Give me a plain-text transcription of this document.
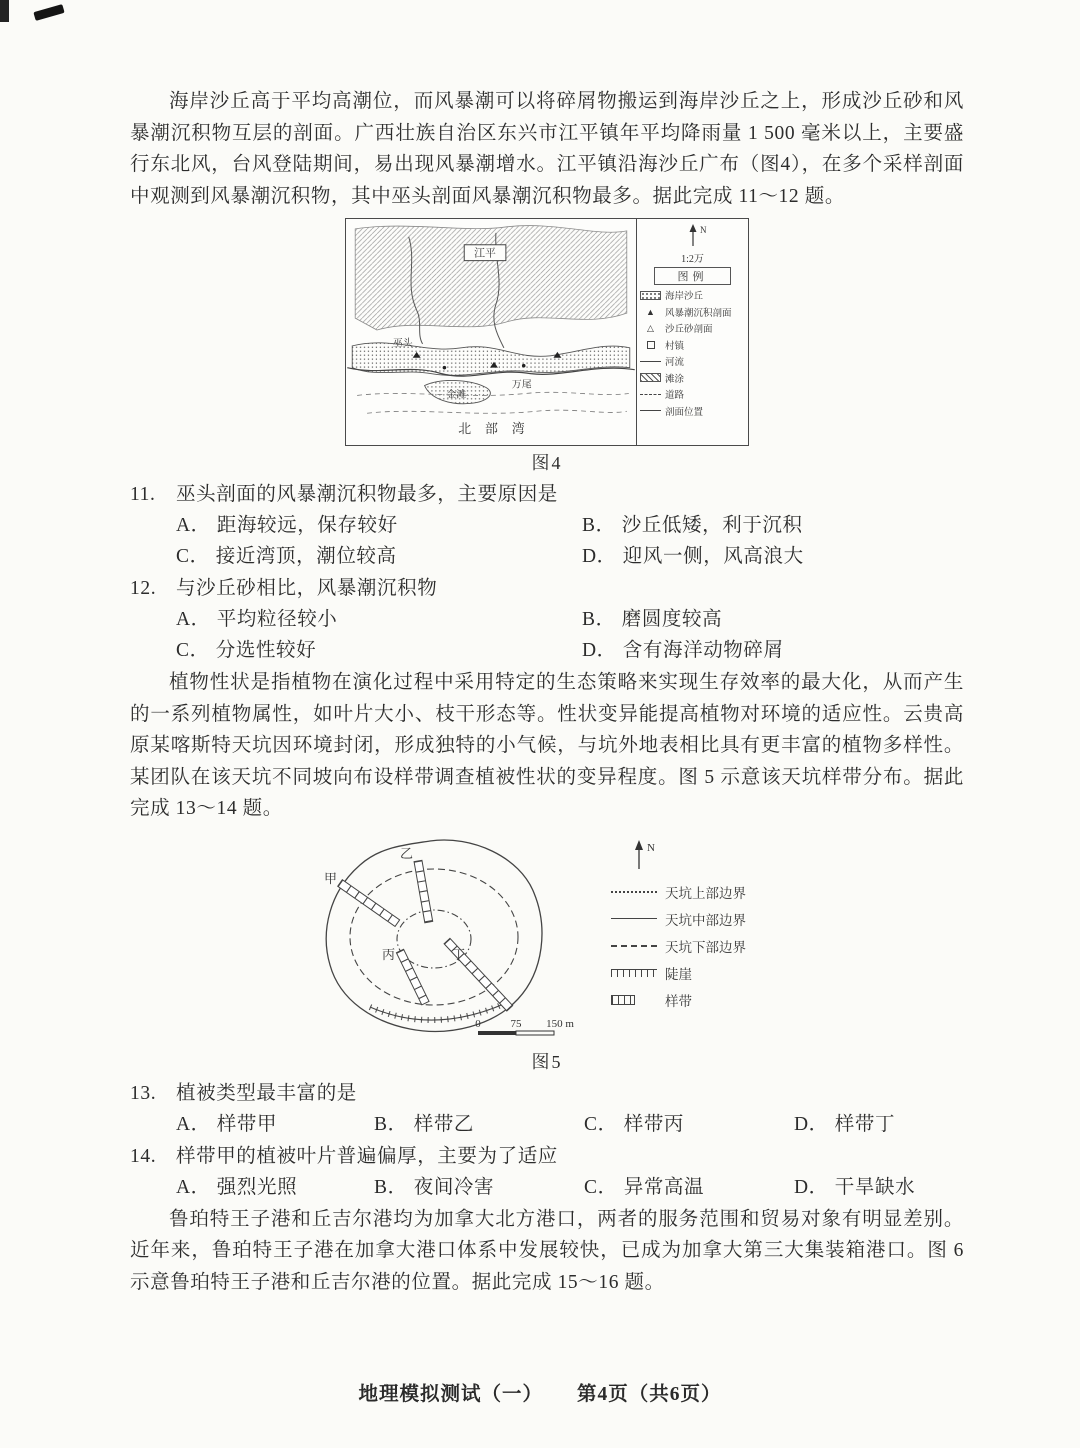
海岸沙丘高于平均高潮位，而风暴潮可以将碎屑物搬运到海岸沙丘之上，形成沙丘砂和风暴潮沉积物互层的剖面。广西壮族自治区东兴市江平镇年平均降雨量 1 500 毫米以上，主要盛行东北风，台风登陆期间，易出现风暴潮增水。江平镇沿海沙丘广布（图4），在多个采样剖面中观测到风暴潮沉积物，其中巫头剖面风暴潮沉积物最多。据此完成 11～12 题。

江平
巫头
万尾
金滩
北部湾
N
1:2万
图例
海岸沙丘
▲	风暴潮沉积剖面
△	沙丘砂剖面
村镇
河流
滩涂
道路
剖面位置
图4
11.	巫头剖面的风暴潮沉积物最多，主要原因是
A． 距海较远，保存较好	B． 沙丘低矮，利于沉积
C． 接近湾顶，潮位较高	D． 迎风一侧，风高浪大
12.	与沙丘砂相比，风暴潮沉积物
A． 平均粒径较小	B． 磨圆度较高
C． 分选性较好	D． 含有海洋动物碎屑

植物性状是指植物在演化过程中采用特定的生态策略来实现生存效率的最大化，从而产生的一系列植物属性，如叶片大小、枝干形态等。性状变异能提高植物对环境的适应性。云贵高原某喀斯特天坑因环境封闭，形成独特的小气候，与坑外地表相比具有更丰富的植物多样性。某团队在该天坑不同坡向布设样带调查植被性状的变异程度。图 5 示意该天坑样带分布。据此完成 13～14 题。

甲
乙
丁
丙
0	75 150 m
N
天坑上部边界
天坑中部边界
天坑下部边界
陡崖
样带
图5
13.	植被类型最丰富的是
A． 样带甲	B． 样带乙	C． 样带丙	D． 样带丁
14.	样带甲的植被叶片普遍偏厚，主要为了适应
A． 强烈光照	B． 夜间冷害	C． 异常高温	D． 干旱缺水

鲁珀特王子港和丘吉尔港均为加拿大北方港口，两者的服务范围和贸易对象有明显差别。近年来，鲁珀特王子港在加拿大港口体系中发展较快，已成为加拿大第三大集装箱港口。图 6 示意鲁珀特王子港和丘吉尔港的位置。据此完成 15～16 题。

地理模拟测试（一） 第4页（共6页）
